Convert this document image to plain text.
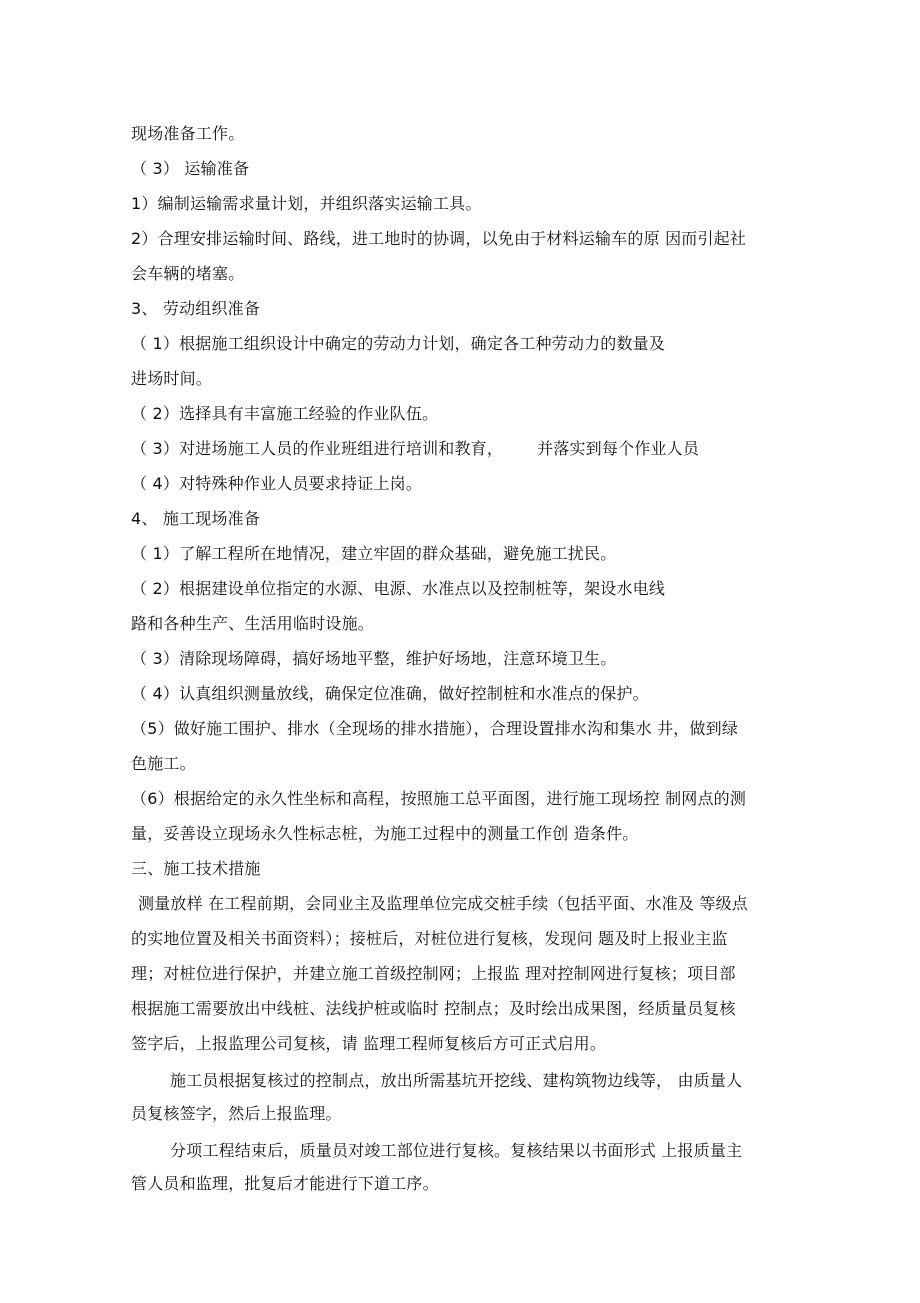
现场准备工作。
（ 3） 运输准备
1）编制运输需求量计划，并组织落实运输工具。
2）合理安排运输时间、路线，进工地时的协调，以免由于材料运输车的原 因而引起社
会车辆的堵塞。
3、 劳动组织准备
（ 1）根据施工组织设计中确定的劳动力计划，确定各工种劳动力的数量及
进场时间。
（ 2）选择具有丰富施工经验的作业队伍。
（ 3）对进场施工人员的作业班组进行培训和教育， 并落实到每个作业人员
（ 4）对特殊种作业人员要求持证上岗。
4、 施工现场准备
（ 1）了解工程所在地情况，建立牢固的群众基础，避免施工扰民。
（ 2）根据建设单位指定的水源、电源、水准点以及控制桩等，架设水电线
路和各种生产、生活用临时设施。
（ 3）清除现场障碍，搞好场地平整，维护好场地，注意环境卫生。
（ 4）认真组织测量放线，确保定位准确，做好控制桩和水准点的保护。
（5）做好施工围护、排水（全现场的排水措施），合理设置排水沟和集水 井，做到绿
色施工。
（6）根据给定的永久性坐标和高程，按照施工总平面图，进行施工现场控 制网点的测
量，妥善设立现场永久性标志桩，为施工过程中的测量工作创 造条件。
三、施工技术措施
测量放样 在工程前期，会同业主及监理单位完成交桩手续（包括平面、水准及 等级点
的实地位置及相关书面资料）；接桩后，对桩位进行复核，发现问 题及时上报业主监
理；对桩位进行保护，并建立施工首级控制网；上报监 理对控制网进行复核；项目部
根据施工需要放出中线桩、法线护桩或临时 控制点；及时绘出成果图，经质量员复核
签字后，上报监理公司复核，请 监理工程师复核后方可正式启用。
施工员根据复核过的控制点，放出所需基坑开挖线、建构筑物边线等， 由质量人
员复核签字，然后上报监理。
分项工程结束后，质量员对竣工部位进行复核。复核结果以书面形式 上报质量主
管人员和监理，批复后才能进行下道工序。
